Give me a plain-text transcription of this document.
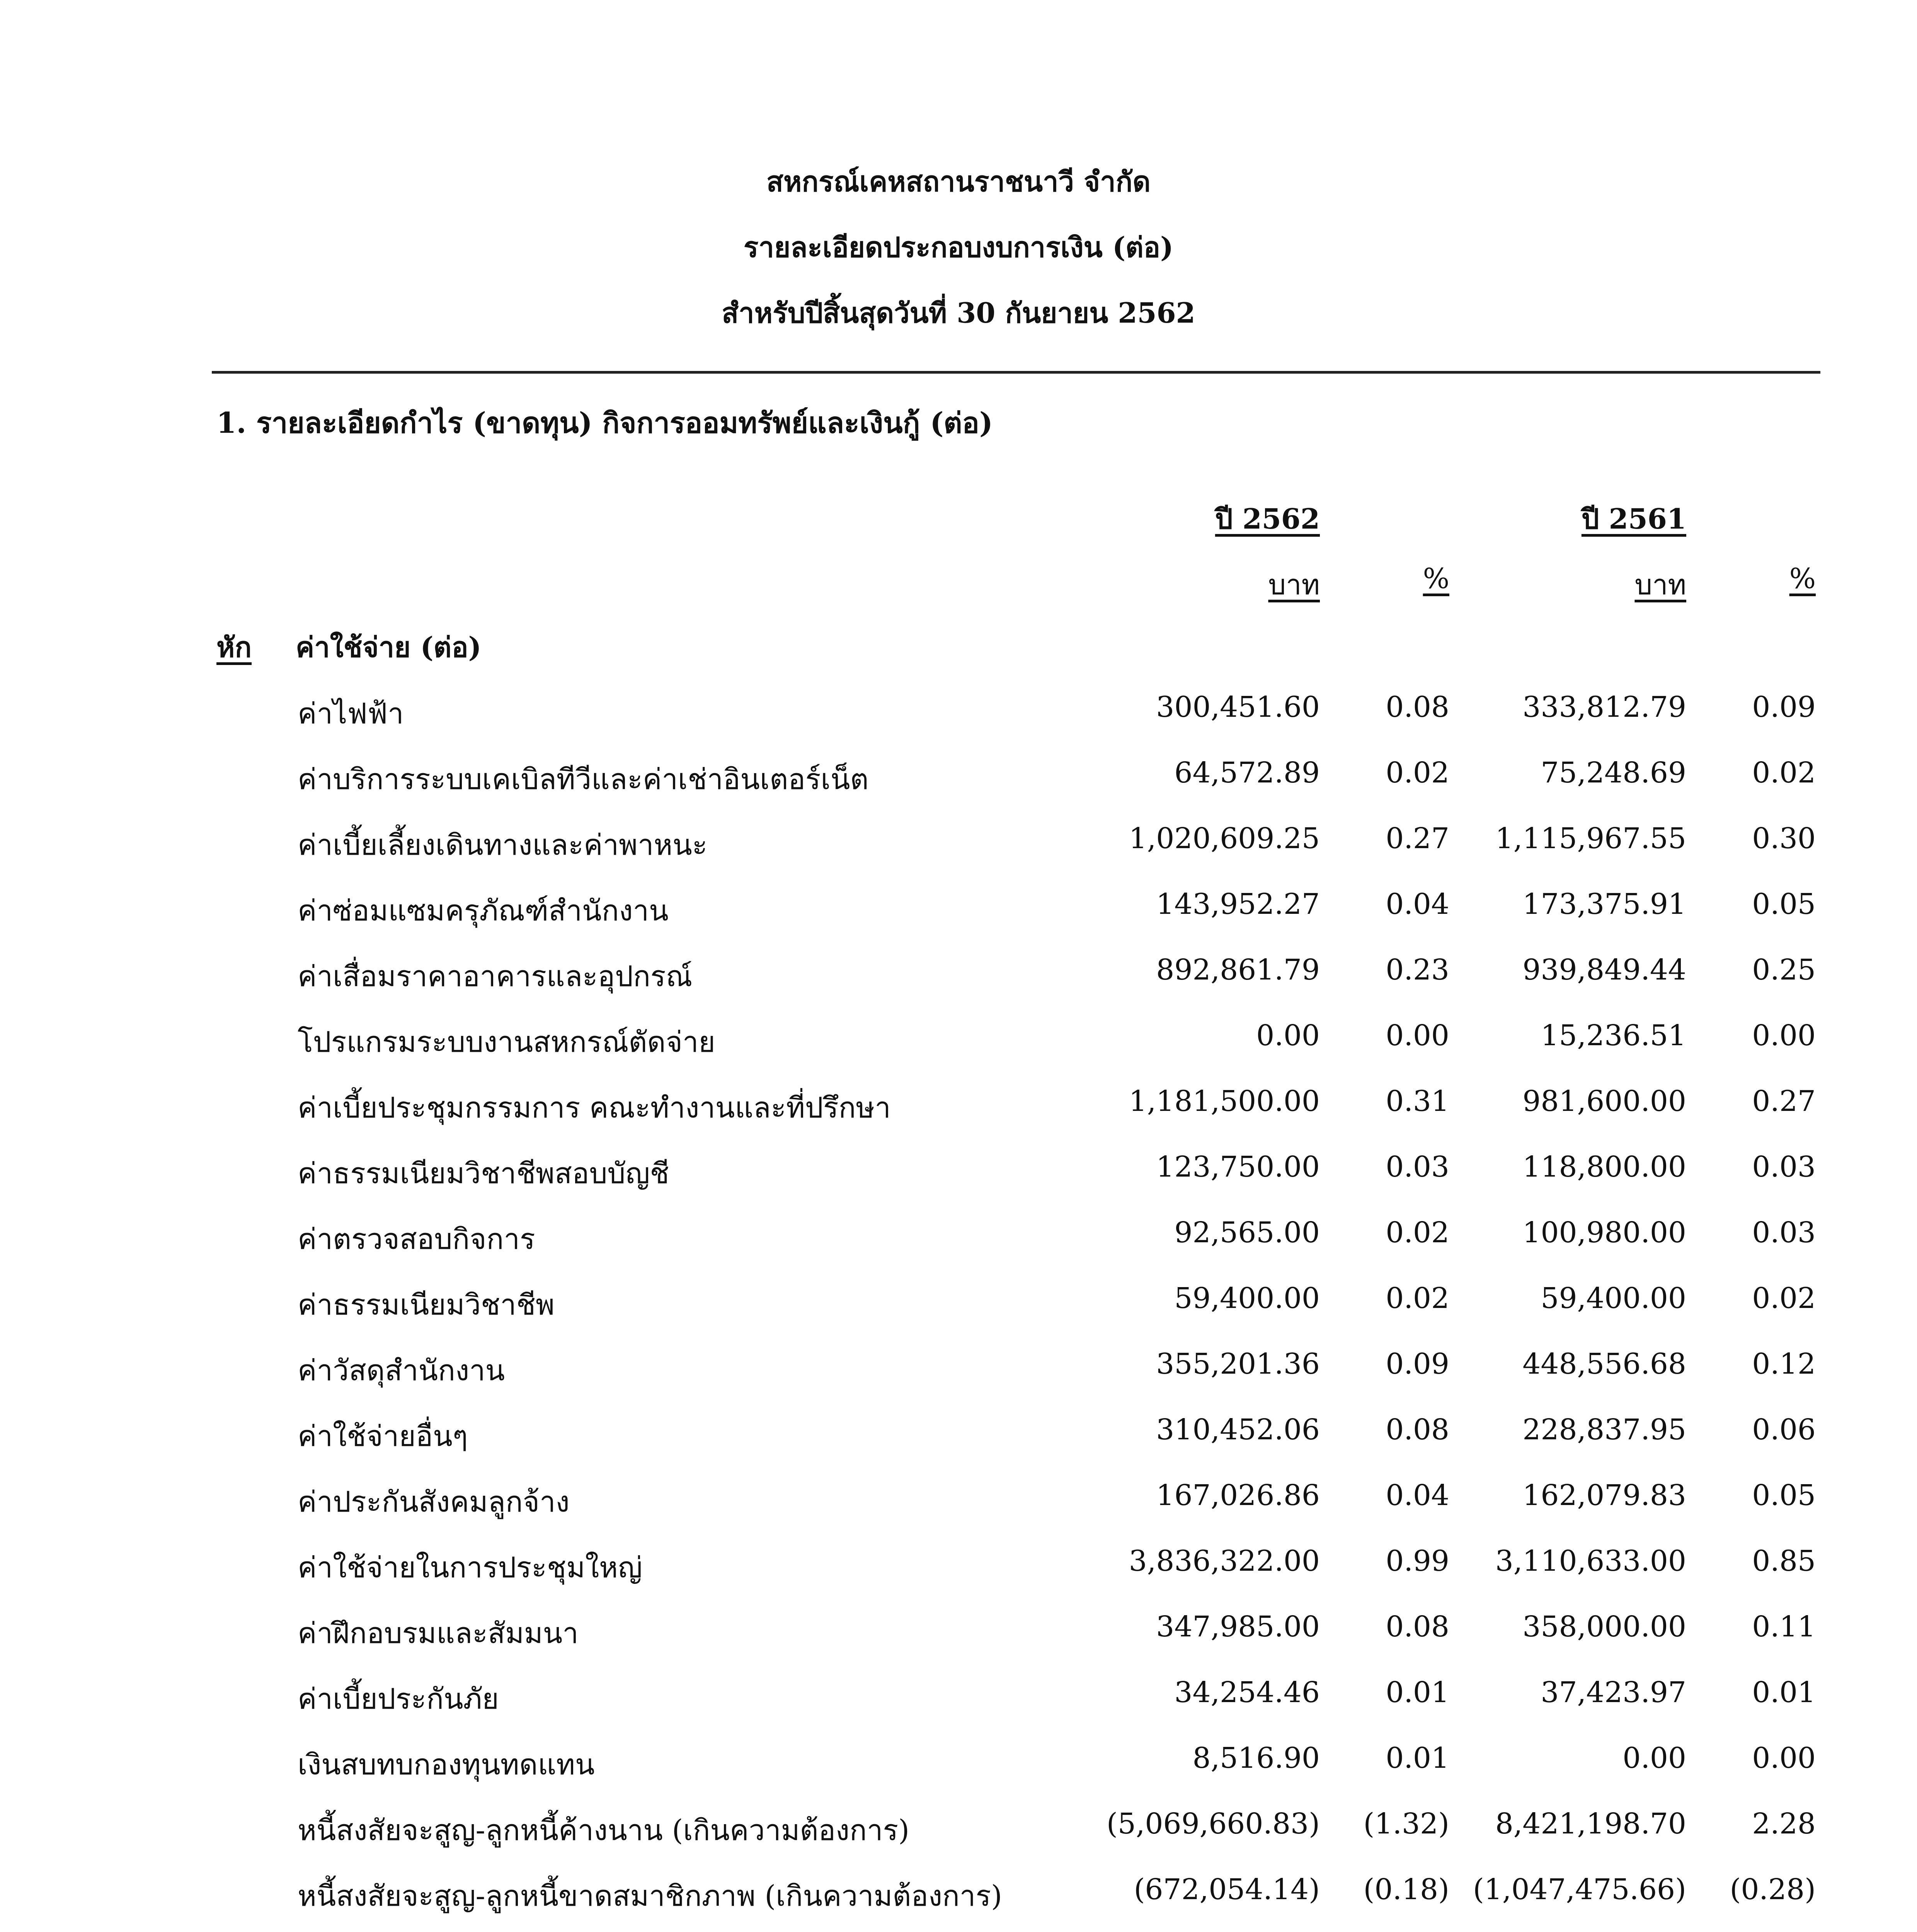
สหกรณ์เคหสถานราชนาวี จำกัด
รายละเอียดประกอบงบการเงิน (ต่อ)
สำหรับปีสิ้นสุดวันที่ 30 กันยายน 2562
1. รายละเอียดกำไร (ขาดทุน) กิจการออมทรัพย์และเงินกู้ (ต่อ)
ปี 2562	ปี 2561
บาท	%	บาท	%
หัก ค่าใช้จ่าย (ต่อ)
ค่าไฟฟ้า	300,451.60 0.08	333,812.79 0.09
ค่าบริการระบบเคเบิลทีวีและค่าเช่าอินเตอร์เน็ต	64,572.89 0.02	75,248.69 0.02
ค่าเบี้ยเลี้ยงเดินทางและค่าพาหนะ	1,020,609.25 0.27 1,115,967.55 0.30
ค่าซ่อมแซมครุภัณฑ์สำนักงาน	143,952.27 0.04	173,375.91 0.05
ค่าเสื่อมราคาอาคารและอุปกรณ์	892,861.79 0.23	939,849.44 0.25
โปรแกรมระบบงานสหกรณ์ตัดจ่าย	0.00 0.00	15,236.51 0.00
ค่าเบี้ยประชุมกรรมการ คณะทำงานและที่ปรึกษา	1,181,500.00 0.31	981,600.00 0.27
ค่าธรรมเนียมวิชาชีพสอบบัญชี	123,750.00 0.03	118,800.00 0.03
ค่าตรวจสอบกิจการ	92,565.00 0.02	100,980.00 0.03
ค่าธรรมเนียมวิชาชีพ	59,400.00 0.02	59,400.00 0.02
ค่าวัสดุสำนักงาน	355,201.36 0.09	448,556.68 0.12
ค่าใช้จ่ายอื่นๆ	310,452.06 0.08	228,837.95 0.06
ค่าประกันสังคมลูกจ้าง	167,026.86 0.04	162,079.83 0.05
ค่าใช้จ่ายในการประชุมใหญ่	3,836,322.00 0.99 3,110,633.00 0.85
ค่าฝึกอบรมและสัมมนา	347,985.00 0.08	358,000.00 0.11
ค่าเบี้ยประกันภัย	34,254.46 0.01	37,423.97 0.01
เงินสบทบกองทุนทดแทน	8,516.90 0.01	0.00 0.00
หนี้สงสัยจะสูญ-ลูกหนี้ค้างนาน (เกินความต้องการ)	(5,069,660.83) (1.32) 8,421,198.70 2.28
หนี้สงสัยจะสูญ-ลูกหนี้ขาดสมาชิกภาพ (เกินความต้องการ)	(672,054.14) (0.18) (1,047,475.66) (0.28)
